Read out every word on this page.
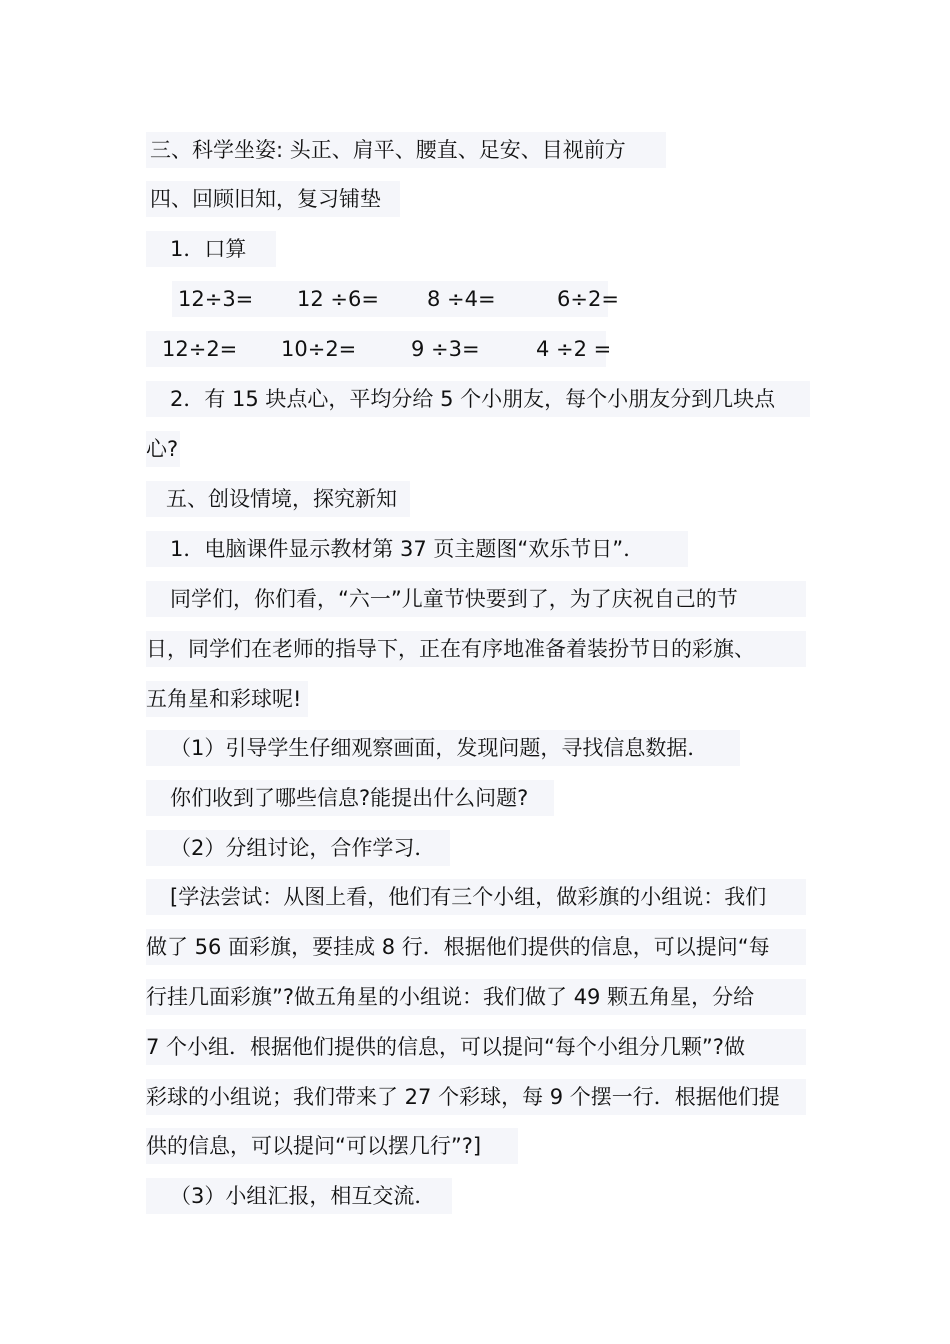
三、科学坐姿: 头正、肩平、腰直、足安、目视前方
四、回顾旧知，复习铺垫
1．口算
12÷3= 12 ÷6= 8 ÷4=	6÷2=
12÷2= 10÷2=	9 ÷3=	4 ÷2 =
2．有 15 块点心，平均分给 5 个小朋友，每个小朋友分到几块点
心?
五、创设情境，探究新知
1．电脑课件显示教材第 37 页主题图“欢乐节日”．
同学们，你们看，“六一”儿童节快要到了，为了庆祝自己的节
日，同学们在老师的指导下，正在有序地准备着装扮节日的彩旗、
五角星和彩球呢!
（1）引导学生仔细观察画面，发现问题，寻找信息数据．
你们收到了哪些信息?能提出什么问题?
（2）分组讨论，合作学习．
[学法尝试：从图上看，他们有三个小组，做彩旗的小组说：我们
做了 56 面彩旗，要挂成 8 行．根据他们提供的信息，可以提问“每
行挂几面彩旗”?做五角星的小组说：我们做了 49 颗五角星，分给
7 个小组．根据他们提供的信息，可以提问“每个小组分几颗”?做
彩球的小组说；我们带来了 27 个彩球，每 9 个摆一行．根据他们提
供的信息，可以提问“可以摆几行”?]
（3）小组汇报，相互交流．
